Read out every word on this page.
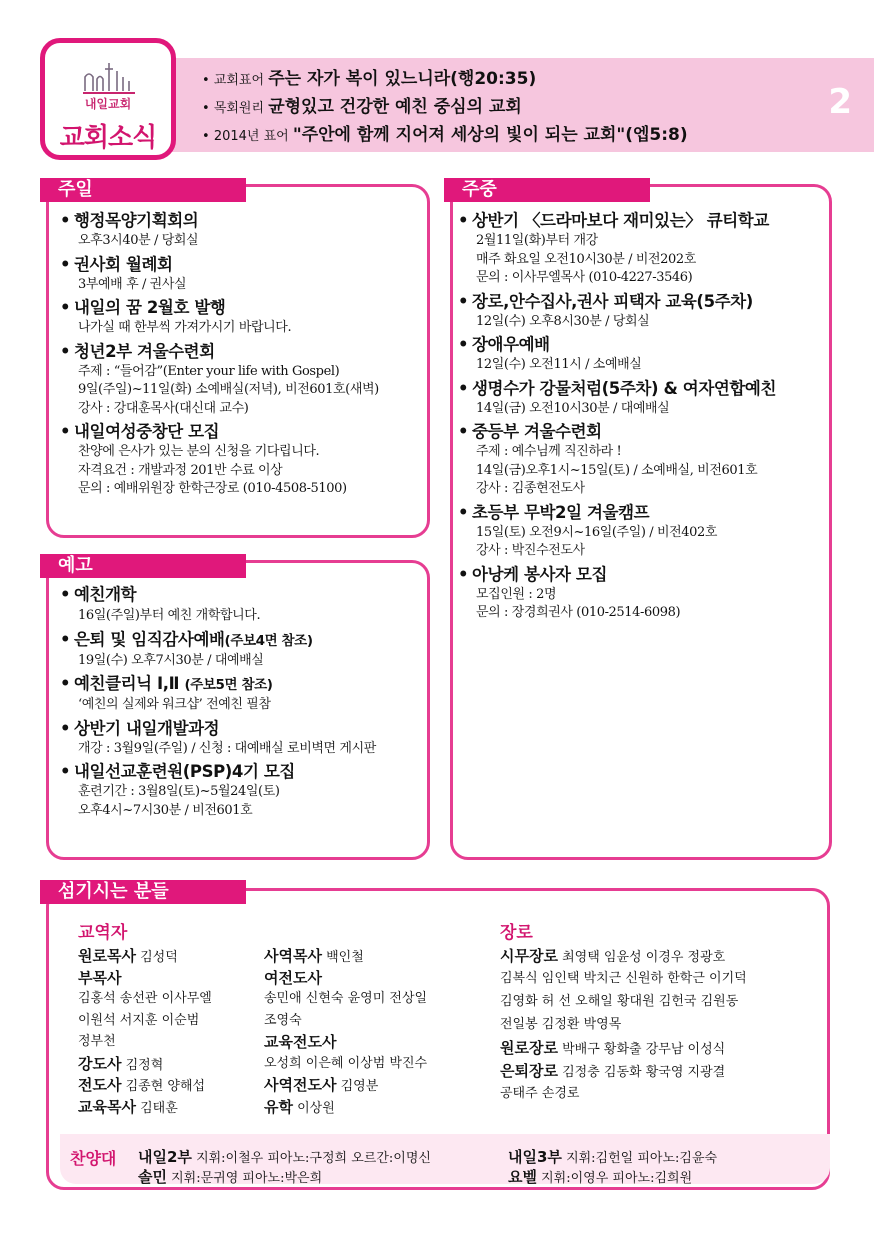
내일교회
교회소식
• 교회표어 주는 자가 복이 있느니라(행20:35)
• 목회원리 균형있고 건강한 예친 중심의 교회
• 2014년 표어 "주안에 함께 지어져 세상의 빛이 되는 교회"(엡5:8)
2
주일
• 행정목양기획회의
오후3시40분 / 당회실
• 권사회 월례회
3부예배 후 / 권사실
• 내일의 꿈 2월호 발행
나가실 때 한부씩 가져가시기 바랍니다.
• 청년2부 겨울수련회
주제 : “들어감”(Enter your life with Gospel)
9일(주일)~11일(화) 소예배실(저녁), 비전601호(새벽)
강사 : 강대훈목사(대신대 교수)
• 내일여성중창단 모집
찬양에 은사가 있는 분의 신청을 기다립니다.
자격요건 : 개발과정 201반 수료 이상
문의 : 예배위원장 한학근장로 (010-4508-5100)
예고
• 예친개학
16일(주일)부터 예친 개학합니다.
• 은퇴 및 임직감사예배(주보4면 참조)
19일(수) 오후7시30분 / 대예배실
• 예친클리닉 Ⅰ,Ⅱ (주보5면 참조)
‘예친의 실제와 워크샵’ 전예친 필참
• 상반기 내일개발과정
개강 : 3월9일(주일) / 신청 : 대예배실 로비벽면 게시판
• 내일선교훈련원(PSP)4기 모집
훈련기간 : 3월8일(토)~5월24일(토)
오후4시~7시30분 / 비전601호
주중
• 상반기 〈드라마보다 재미있는〉 큐티학교
2월11일(화)부터 개강
매주 화요일 오전10시30분 / 비전202호
문의 : 이사무엘목사 (010-4227-3546)
• 장로,안수집사,권사 피택자 교육(5주차)
12일(수) 오후8시30분 / 당회실
• 장애우예배
12일(수) 오전11시 / 소예배실
• 생명수가 강물처럼(5주차) & 여자연합예친
14일(금) 오전10시30분 / 대예배실
• 중등부 겨울수련회
주제 : 예수님께 직진하라 !
14일(금)오후1시~15일(토) / 소예배실, 비전601호
강사 : 김종현전도사
• 초등부 무박2일 겨울캠프
15일(토) 오전9시~16일(주일) / 비전402호
강사 : 박진수전도사
• 아낭케 봉사자 모집
모집인원 : 2명
문의 : 장경희권사 (010-2514-6098)
섬기시는 분들
교역자	장로
원로목사 김성덕
부목사
김홍석 송선관 이사무엘
이원석 서지훈 이순범
정부천
강도사 김정혁
전도사 김종현 양해섭
교육목사 김태훈
사역목사 백인철
여전도사
송민애 신현숙 윤영미 전상일
조영숙
교육전도사
오성희 이은혜 이상범 박진수
사역전도사 김영분
유학 이상원
시무장로 최영택 임윤성 이경우 정광호
김복식 임인택 박치근 신원하 한학근 이기덕
김영화 허 선 오해일 황대원 김헌국 김원동
전일봉 김정환 박영목
원로장로 박배구 황화출 강무남 이성식
은퇴장로 김정충 김동화 황국영 지광결
공태주 손경로
찬양대 내일2부 지휘:이철우 피아노:구정희 오르간:이명신
솔민 지휘:문귀영 피아노:박은희
내일3부 지휘:김헌일 피아노:김윤숙
요벨 지휘:이영우 피아노:김희원
